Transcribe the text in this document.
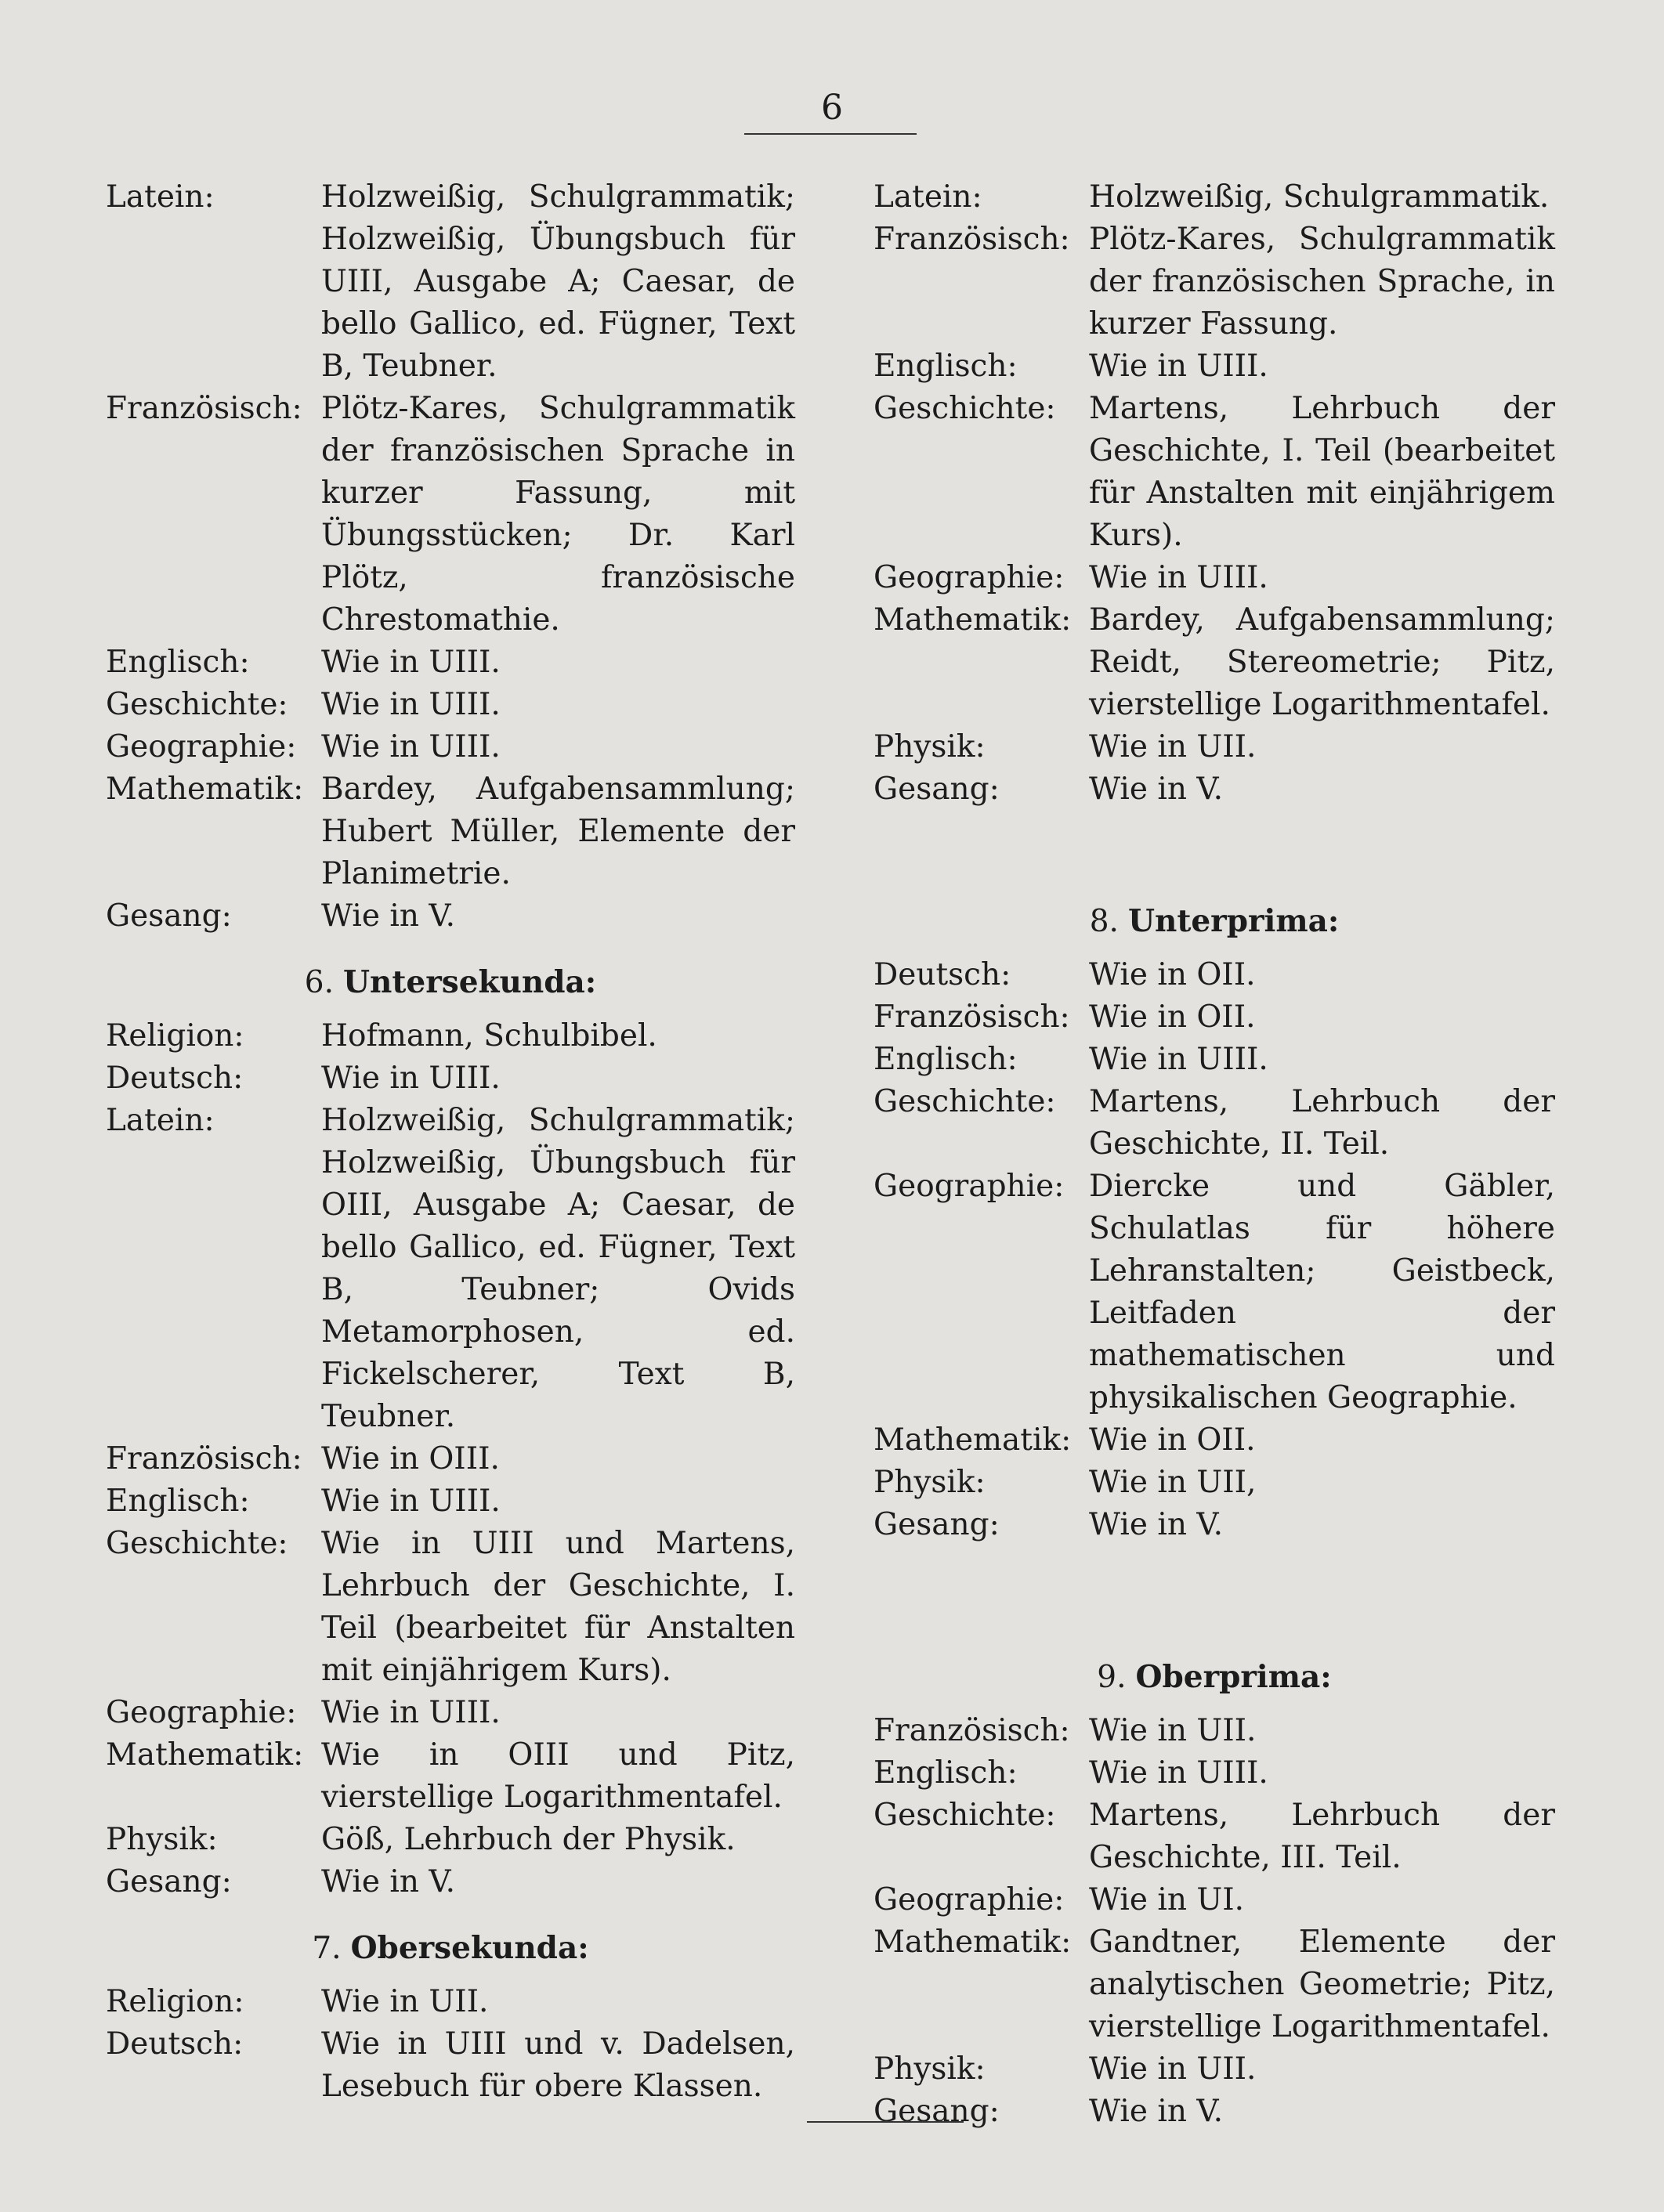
6
Latein:	Holzweißig, Schulgrammatik; Holzweißig, Übungsbuch für UIII, Ausgabe A; Caesar, de bello Gallico, ed. Fügner, Text B, Teubner.
Französisch: Plötz-Kares, Schulgrammatik der französischen Sprache in kurzer Fassung, mit Übungsstücken; Dr. Karl Plötz, französische Chrestomathie.
Englisch:	Wie in UIII.
Geschichte:	Wie in UIII.
Geographie: Wie in UIII.
Mathematik: Bardey, Aufgabensammlung; Hubert Müller, Elemente der Planimetrie.
Gesang:	Wie in V.
6. Untersekunda:
Religion:	Hofmann, Schulbibel.
Deutsch:	Wie in UIII.
Latein:	Holzweißig, Schulgrammatik; Holzweißig, Übungsbuch für OIII, Ausgabe A; Caesar, de bello Gallico, ed. Fügner, Text B, Teubner; Ovids Metamorphosen, ed. Fickelscherer, Text B, Teubner.
Französisch: Wie in OIII.
Englisch:	Wie in UIII.
Geschichte:	Wie in UIII und Martens, Lehrbuch der Geschichte, I. Teil (bearbeitet für Anstalten mit einjährigem Kurs).
Geographie: Wie in UIII.
Mathematik: Wie in OIII und Pitz, vierstellige Logarithmentafel.
Physik:	Göß, Lehrbuch der Physik.
Gesang:	Wie in V.
7. Obersekunda:
Religion:	Wie in UII.
Deutsch:	Wie in UIII und v. Dadelsen, Lesebuch für obere Klassen.
Latein:	Holzweißig, Schulgrammatik.
Französisch: Plötz-Kares, Schulgrammatik der französischen Sprache, in kurzer Fassung.
Englisch:	Wie in UIII.
Geschichte:	Martens, Lehrbuch der Geschichte, I. Teil (bearbeitet für Anstalten mit einjährigem Kurs).
Geographie: Wie in UIII.
Mathematik: Bardey, Aufgabensammlung; Reidt, Stereometrie; Pitz, vierstellige Logarithmentafel.
Physik:	Wie in UII.
Gesang:	Wie in V.
8. Unterprima:
Deutsch:	Wie in OII.
Französisch: Wie in OII.
Englisch:	Wie in UIII.
Geschichte:	Martens, Lehrbuch der Geschichte, II. Teil.
Geographie: Diercke und Gäbler, Schulatlas für höhere Lehranstalten; Geistbeck, Leitfaden der mathematischen und physikalischen Geographie.
Mathematik: Wie in OII.
Physik:	Wie in UII,
Gesang:	Wie in V.
9. Oberprima:
Französisch: Wie in UII.
Englisch:	Wie in UIII.
Geschichte:	Martens, Lehrbuch der Geschichte, III. Teil.
Geographie: Wie in UI.
Mathematik: Gandtner, Elemente der analytischen Geometrie; Pitz, vierstellige Logarithmentafel.
Physik:	Wie in UII.
Gesang:	Wie in V.
